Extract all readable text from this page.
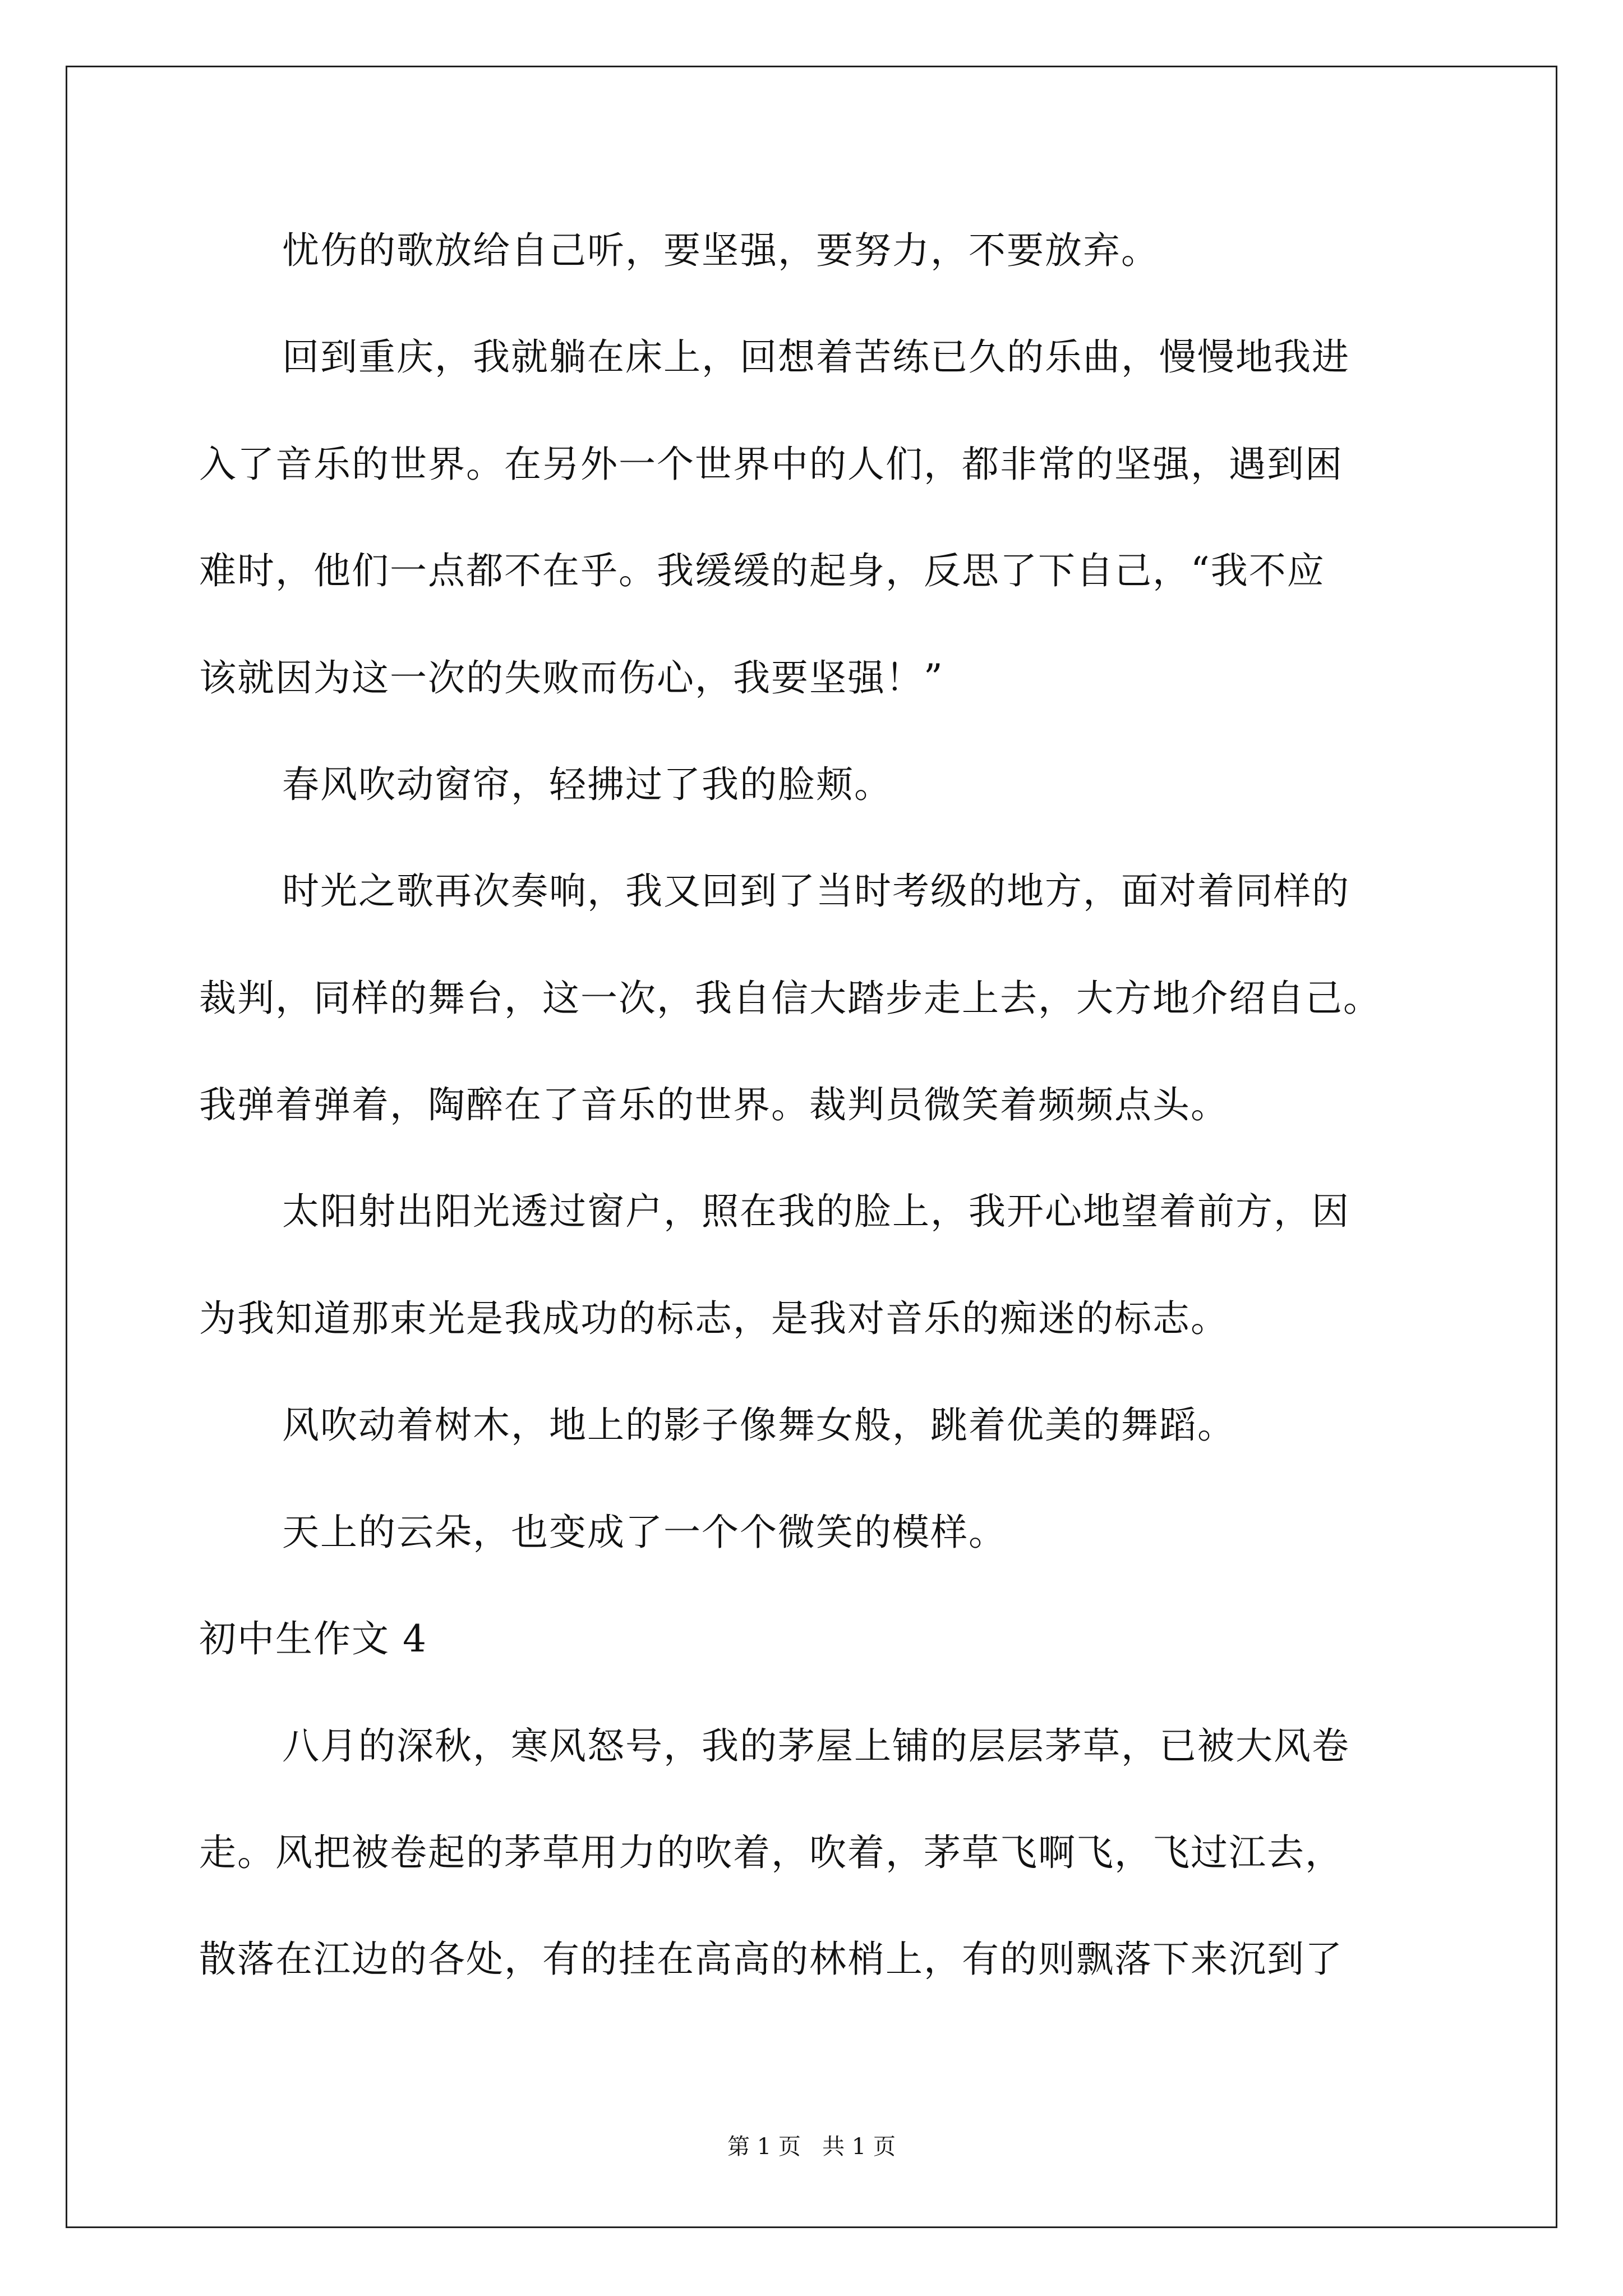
忧伤的歌放给自己听，要坚强，要努力，不要放弃。
回到重庆，我就躺在床上，回想着苦练已久的乐曲，慢慢地我进
入了音乐的世界。在另外一个世界中的人们，都非常的坚强，遇到困
难时，他们一点都不在乎。我缓缓的起身，反思了下自己，“我不应
该就因为这一次的失败而伤心，我要坚强！”
春风吹动窗帘，轻拂过了我的脸颊。
时光之歌再次奏响，我又回到了当时考级的地方，面对着同样的
裁判，同样的舞台，这一次，我自信大踏步走上去，大方地介绍自己。
我弹着弹着，陶醉在了音乐的世界。裁判员微笑着频频点头。
太阳射出阳光透过窗户，照在我的脸上，我开心地望着前方，因
为我知道那束光是我成功的标志，是我对音乐的痴迷的标志。
风吹动着树木，地上的影子像舞女般，跳着优美的舞蹈。
天上的云朵，也变成了一个个微笑的模样。
初中生作文 4
八月的深秋，寒风怒号，我的茅屋上铺的层层茅草，已被大风卷
走。风把被卷起的茅草用力的吹着，吹着，茅草飞啊飞，飞过江去，
散落在江边的各处，有的挂在高高的林梢上，有的则飘落下来沉到了
第 1 页   共 1 页
